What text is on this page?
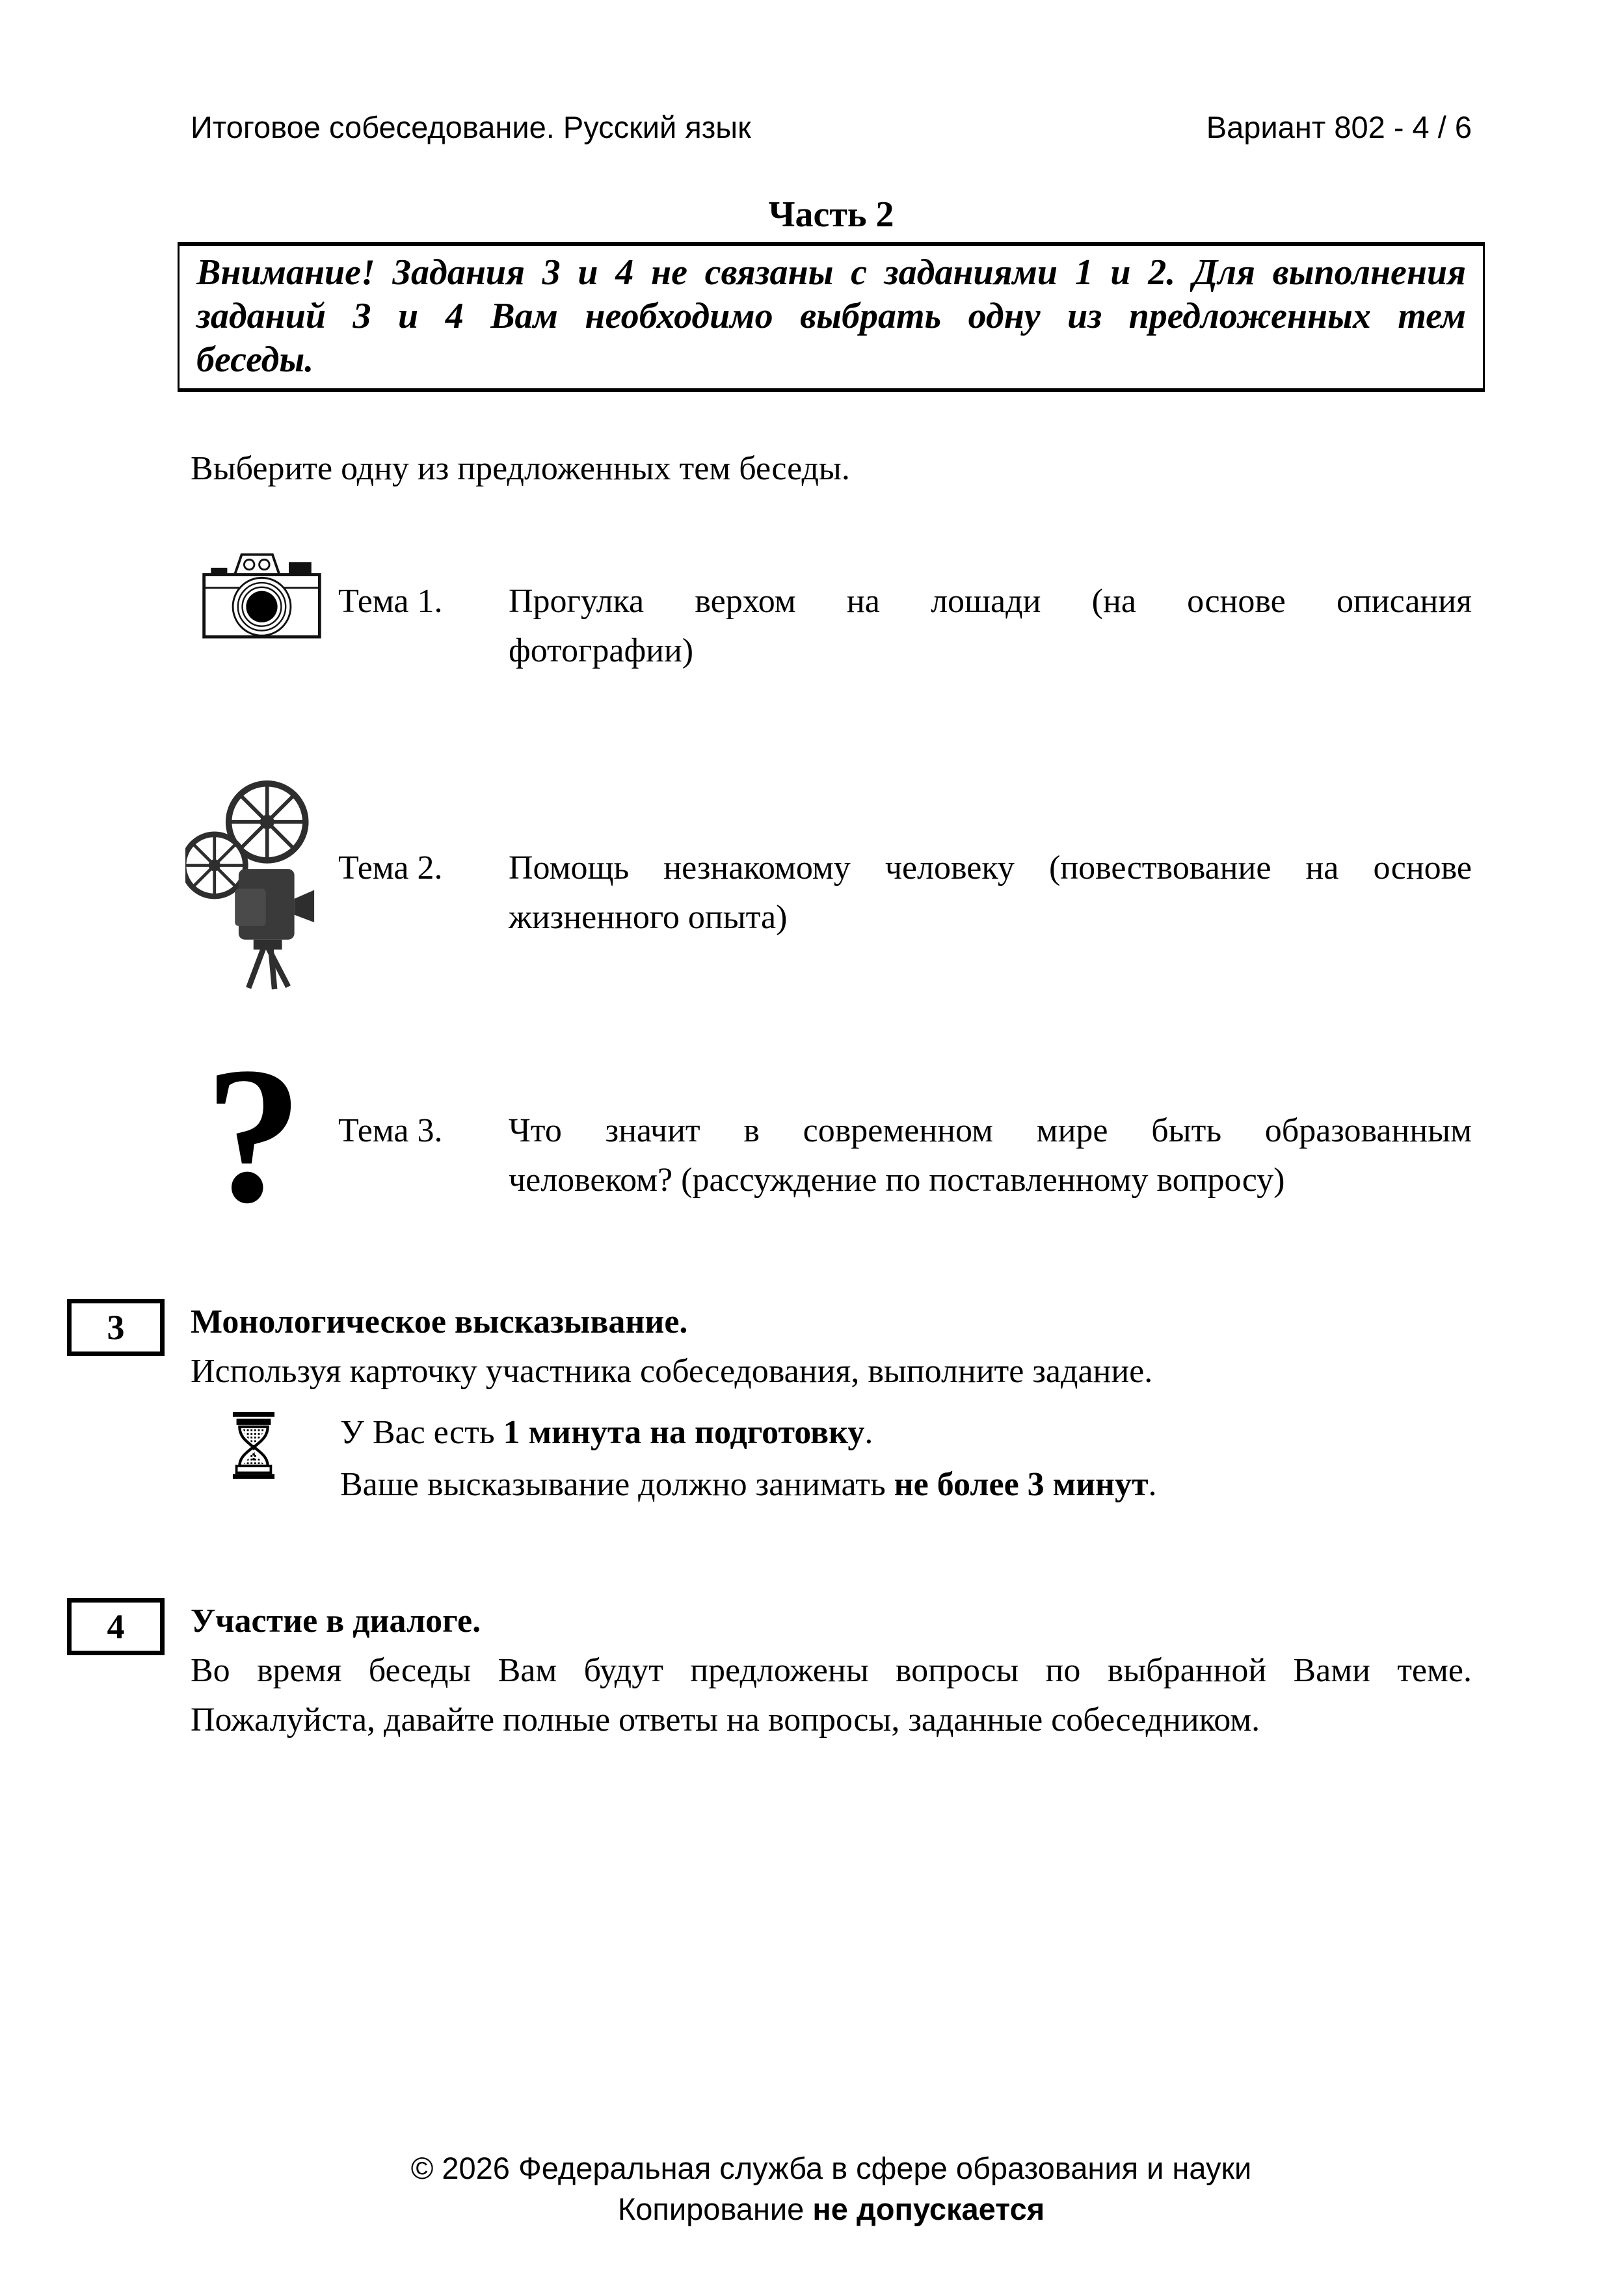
Итоговое собеседование. Русский язык	Вариант 802 - 4 / 6
Часть 2
Внимание! Задания 3 и 4 не связаны с заданиями 1 и 2. Для выполнения
заданий 3 и 4 Вам необходимо выбрать одну из предложенных тем
беседы.
Выберите одну из предложенных тем беседы.
Тема 1. Прогулка верхом на лошади (на основе описания
фотографии)
Тема 2. Помощь незнакомому человеку (повествование на основе
жизненного опыта)
? Тема 3. Что значит в современном мире быть образованным
человеком? (рассуждение по поставленному вопросу)
3	Монологическое высказывание.
Используя карточку участника собеседования, выполните задание.
У Вас есть 1 минута на подготовку.
Ваше высказывание должно занимать не более 3 минут.
4	Участие в диалоге.
Во время беседы Вам будут предложены вопросы по выбранной Вами теме.
Пожалуйста, давайте полные ответы на вопросы, заданные собеседником.
© 2026 Федеральная служба в сфере образования и науки
Копирование не допускается
